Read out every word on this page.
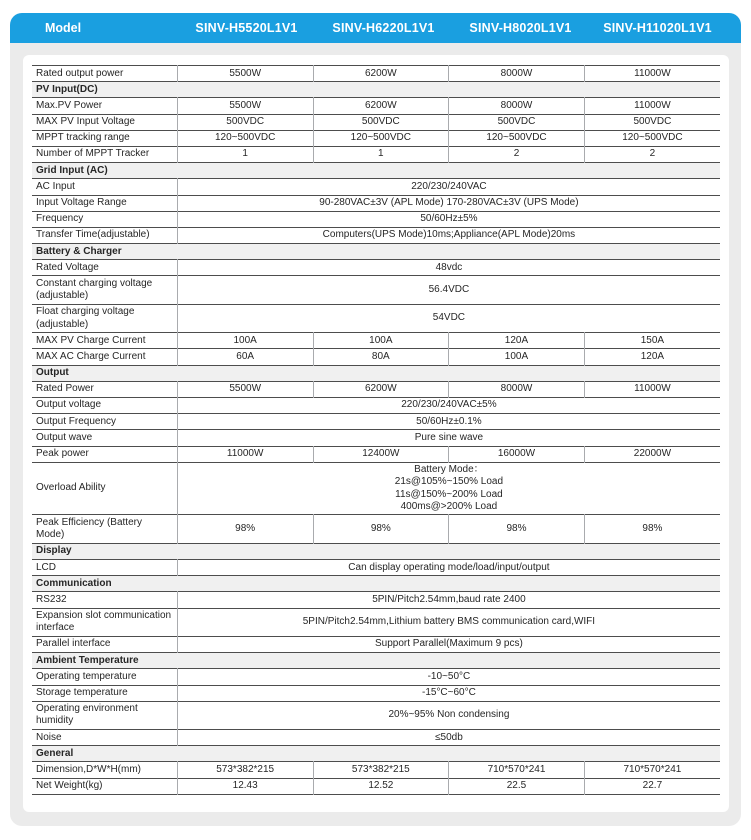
Model	SINV-H5520L1V1	SINV-H6220L1V1	SINV-H8020L1V1	SINV-H11020L1V1
Rated output power	5500W	6200W	8000W	11000W
PV Input(DC)				
Max.PV Power	5500W	6200W	8000W	11000W
MAX PV Input Voltage	500VDC	500VDC	500VDC	500VDC
MPPT tracking range	120~500VDC	120~500VDC	120~500VDC	120~500VDC
Number of MPPT Tracker	1	1	2	2
Grid Input (AC)				
AC Input	220/230/240VAC			
Input Voltage Range	90-280VAC±3V (APL Mode) 170-280VAC±3V (UPS Mode)			
Frequency	50/60Hz±5%			
Transfer Time(adjustable)	Computers(UPS Mode)10ms;Appliance(APL Mode)20ms			
Battery & Charger				
Rated Voltage	48vdc			
Constant charging voltage (adjustable)	56.4VDC			
Float charging voltage (adjustable)	54VDC			
MAX PV Charge Current	100A	100A	120A	150A
MAX AC Charge Current	60A	80A	100A	120A
Output				
Rated Power	5500W	6200W	8000W	11000W
Output voltage	220/230/240VAC±5%			
Output Frequency	50/60Hz±0.1%			
Output wave	Pure sine wave			
Peak power	11000W	12400W	16000W	22000W
Overload Ability	Battery Mode：
21s@105%~150% Load
11s@150%~200% Load
400ms@>200% Load			

Peak Efficiency (Battery Mode)	98%	98%	98%	98%
Display				
LCD	Can display operating mode/load/input/output			
Communication				
RS232	5PIN/Pitch2.54mm,baud rate 2400			
Expansion slot communication interface	5PIN/Pitch2.54mm,Lithium battery BMS communication card,WIFI			
Parallel interface	Support Parallel(Maximum 9 pcs)			
Ambient Temperature				
Operating temperature	-10~50°C			
Storage temperature	-15°C~60°C			
Operating environment humidity	20%~95% Non condensing			
Noise	≤50db			
General				
Dimension,D*W*H(mm)	573*382*215	573*382*215	710*570*241	710*570*241
Net Weight(kg)	12.43	12.52	22.5	22.7
